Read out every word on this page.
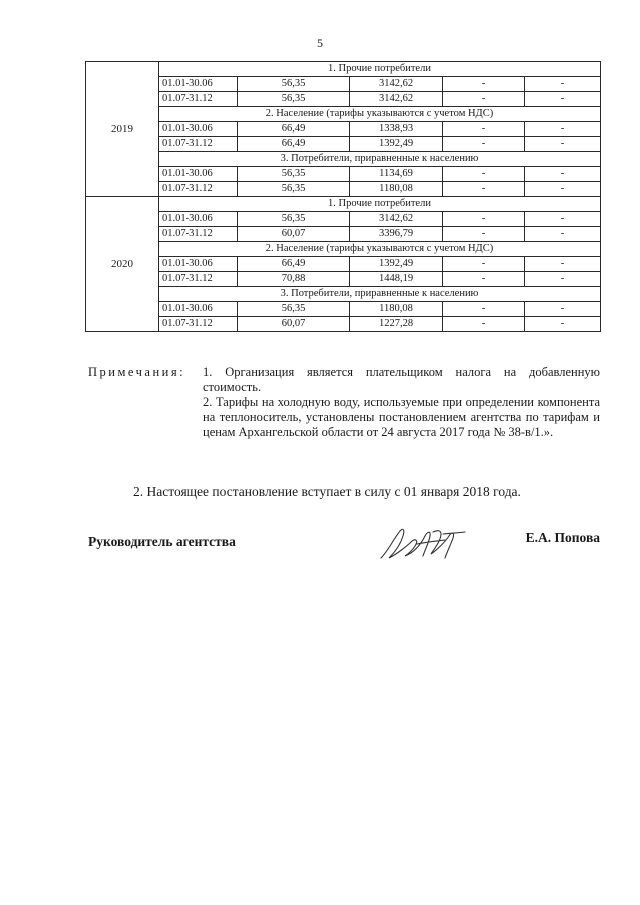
5
2019	1. Прочие потребители				
	01.01-30.06	56,35	3142,62	-	-
	01.07-31.12	56,35	3142,62	-	-
	2. Население (тарифы указываются с учетом НДС)				
	01.01-30.06	66,49	1338,93	-	-
	01.07-31.12	66,49	1392,49	-	-
	3. Потребители, приравненные к населению				
	01.01-30.06	56,35	1134,69	-	-
	01.07-31.12	56,35	1180,08	-	-
2020	1. Прочие потребители				
	01.01-30.06	56,35	3142,62	-	-
	01.07-31.12	60,07	3396,79	-	-
	2. Население (тарифы указываются с учетом НДС)				
	01.01-30.06	66,49	1392,49	-	-
	01.07-31.12	70,88	1448,19	-	-
	3. Потребители, приравненные к населению				
	01.01-30.06	56,35	1180,08	-	-
	01.07-31.12	60,07	1227,28	-	-
Примечания: 1. Организация является плательщиком налога на добавленную стоимость.

2. Тарифы на холодную воду, используемые при определении компонента на теплоноситель, установлены постановлением агентства по тарифам и ценам Архангельской области от 24 августа 2017 года № 38-в/1.».

2. Настоящее постановление вступает в силу с 01 января 2018 года.
Руководитель агентства	Е.А. Попова
